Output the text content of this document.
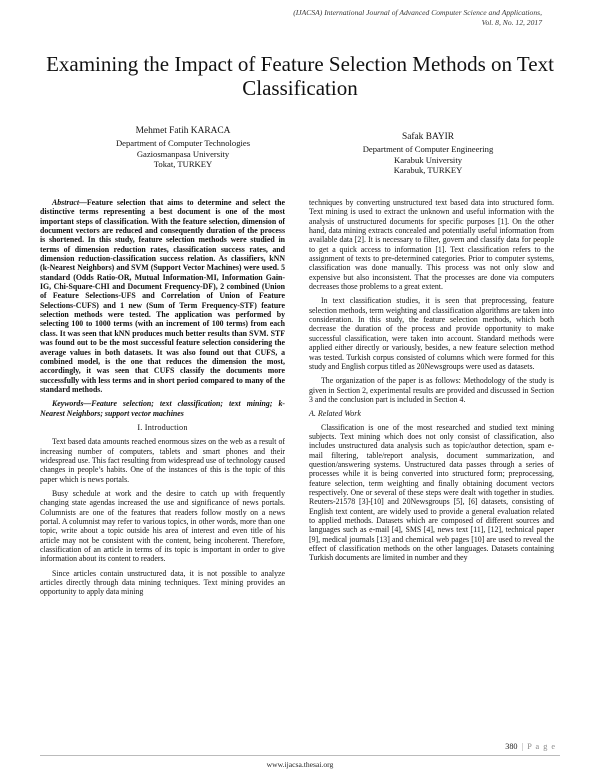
(IJACSA) International Journal of Advanced Computer Science and Applications,
Vol. 8, No. 12, 2017
Examining the Impact of Feature Selection Methods on Text Classification
Mehmet Fatih KARACA
Department of Computer Technologies
Gaziosmanpasa University
Tokat, TURKEY
Safak BAYIR
Department of Computer Engineering
Karabuk University
Karabuk, TURKEY

Abstract—Feature selection that aims to determine and select the distinctive terms representing a best document is one of the most important steps of classification. With the feature selection, dimension of document vectors are reduced and consequently duration of the process is shortened. In this study, feature selection methods were studied in terms of dimension reduction rates, classification success rates, and dimension reduction-classification success relation. As classifiers, kNN (k-Nearest Neighbors) and SVM (Support Vector Machines) were used. 5 standard (Odds Ratio-OR, Mutual Information-MI, Information Gain-IG, Chi-Square-CHI and Document Frequency-DF), 2 combined (Union of Feature Selections-UFS and Correlation of Union of Feature Selections-CUFS) and 1 new (Sum of Term Frequency-STF) feature selection methods were tested. The application was performed by selecting 100 to 1000 terms (with an increment of 100 terms) from each class. It was seen that kNN produces much better results than SVM. STF was found out to be the most successful feature selection considering the average values in both datasets. It was also found out that CUFS, a combined model, is the one that reduces the dimension the most, accordingly, it was seen that CUFS classify the documents more successfully with less terms and in short period compared to many of the standard methods.

Keywords—Feature selection; text classification; text mining; k-Nearest Neighbors; support vector machines

I. Introduction

Text based data amounts reached enormous sizes on the web as a result of increasing number of computers, tablets and smart phones and their widespread use. This fact resulting from widespread use of technology caused changes in people’s habits. One of the instances of this is the topic of this paper which is news portals.

Busy schedule at work and the desire to catch up with frequently changing state agendas increased the use and significance of news portals. Columnists are one of the features that readers follow mostly on a news portal. A columnist may refer to various topics, in other words, more than one topic, write about a topic outside his area of interest and even title of his article may not be consistent with the content, being incoherent. Therefore, classification of an article in terms of its topic is important in order to give information about its content to readers.

Since articles contain unstructured data, it is not possible to analyze articles directly through data mining techniques. Text mining provides an opportunity to apply data mining

techniques by converting unstructured text based data into structured form. Text mining is used to extract the unknown and useful information with the analysis of unstructured documents for specific purposes [1]. On the other hand, data mining extracts concealed and potentially useful information from available data [2]. It is necessary to filter, govern and classify data for people to get a quick access to information [1]. Text classification refers to the assignment of texts to pre-determined categories. Prior to computer systems, classification was done manually. This process was not only slow and expensive but also inconsistent. That the processes are done via computers decreases those problems to a great extent.

In text classification studies, it is seen that preprocessing, feature selection methods, term weighting and classification algorithms are taken into consideration. In this study, the feature selection methods, which both decrease the duration of the process and provide opportunity to make successful classification, were taken into account. Standard methods were applied either directly or variously, besides, a new feature selection method was tested. Turkish corpus consisted of columns which were formed for this study and English corpus titled as 20Newsgroups were used as datasets.

The organization of the paper is as follows: Methodology of the study is given in Section 2, experimental results are provided and discussed in Section 3 and the conclusion part is included in Section 4.

A. Related Work

Classification is one of the most researched and studied text mining subjects. Text mining which does not only consist of classification, also includes unstructured data analysis such as topic/author detection, spam e-mail filtering, table/report analysis, document summarization, and question/answering systems. Unstructured data passes through a series of processes while it is being converted into structured form; preprocessing, feature selection, term weighting and finally obtaining document vectors respectively. One or several of these steps were dealt with together in studies. Reuters-21578 [3]-[10] and 20Newsgroups [5], [6] datasets, consisting of English text content, are widely used to provide a general evaluation related to applied methods. Datasets which are composed of different sources and languages such as e-mail [4], SMS [4], news text [11], [12], technical paper [9], medical journals [13] and chemical web pages [10] are used to reveal the effect of classification methods on the other languages. Datasets containing Turkish documents are limited in number and they

380 | P a g e
www.ijacsa.thesai.org
